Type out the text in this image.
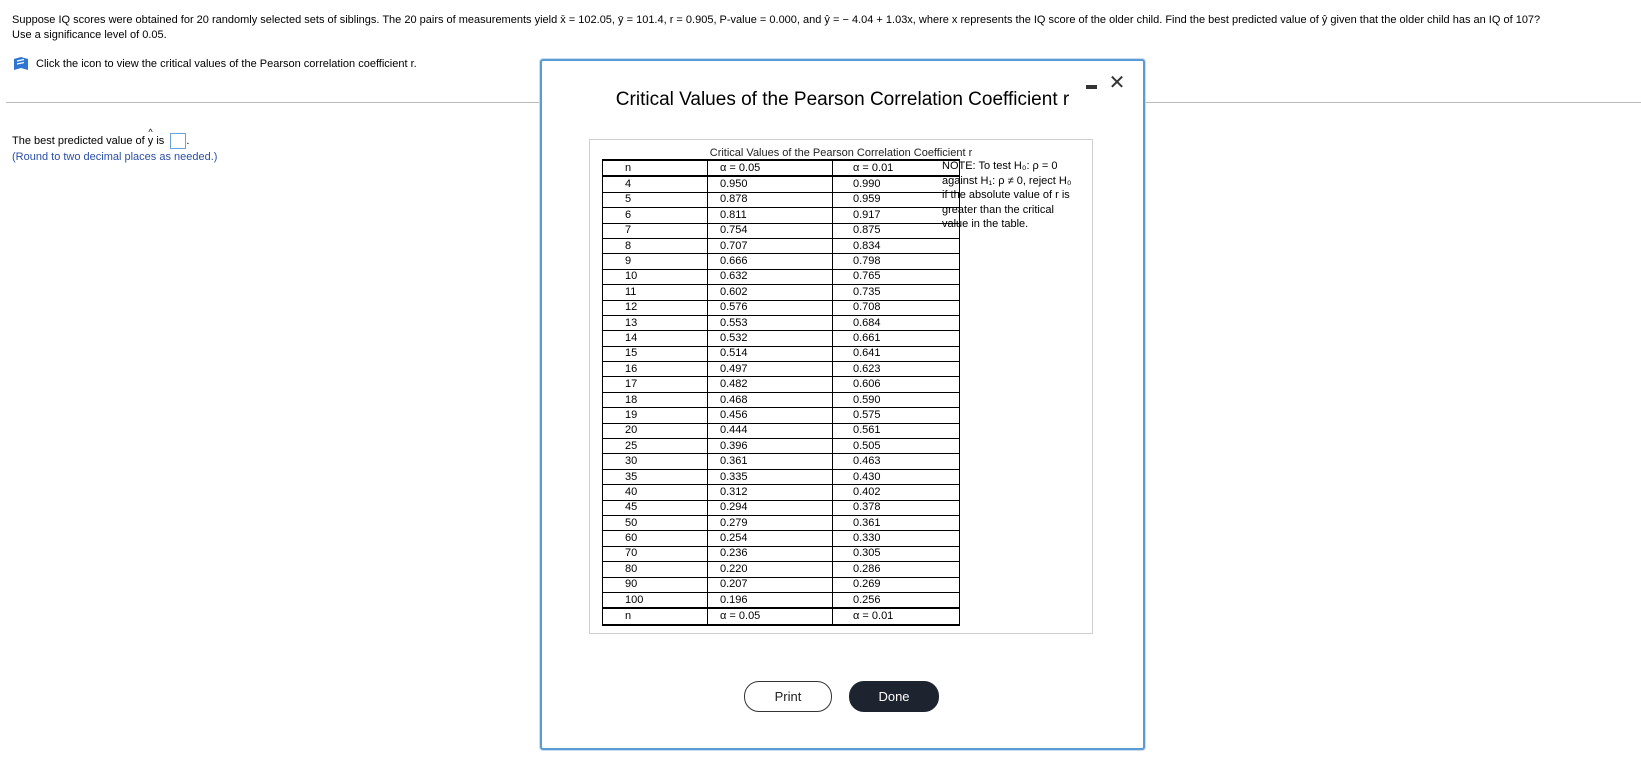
Suppose IQ scores were obtained for 20 randomly selected sets of siblings. The 20 pairs of measurements yield x̄ = 102.05, ȳ = 101.4, r = 0.905, P-value = 0.000, and ŷ = − 4.04 + 1.03x, where x represents the IQ score of the older child. Find the best predicted value of ŷ given that the older child has an IQ of 107?
Use a significance level of 0.05.
Click the icon to view the critical values of the Pearson correlation coefficient r.
The best predicted value of ^ y is .
(Round to two decimal places as needed.)
✕
Critical Values of the Pearson Correlation Coefficient r
Critical Values of the Pearson Correlation Coefficient r
n	α = 0.05	α = 0.01
4	0.950	0.990
5	0.878	0.959
6	0.811	0.917
7	0.754	0.875
8	0.707	0.834
9	0.666	0.798
10	0.632	0.765
11	0.602	0.735
12	0.576	0.708
13	0.553	0.684
14	0.532	0.661
15	0.514	0.641
16	0.497	0.623
17	0.482	0.606
18	0.468	0.590
19	0.456	0.575
20	0.444	0.561
25	0.396	0.505
30	0.361	0.463
35	0.335	0.430
40	0.312	0.402
45	0.294	0.378
50	0.279	0.361
60	0.254	0.330
70	0.236	0.305
80	0.220	0.286
90	0.207	0.269
100	0.196	0.256
n	α = 0.05	α = 0.01
NOTE: To test H₀: ρ = 0
against H₁: ρ ≠ 0, reject H₀
if the absolute value of r is
greater than the critical
value in the table.
Print	Done
